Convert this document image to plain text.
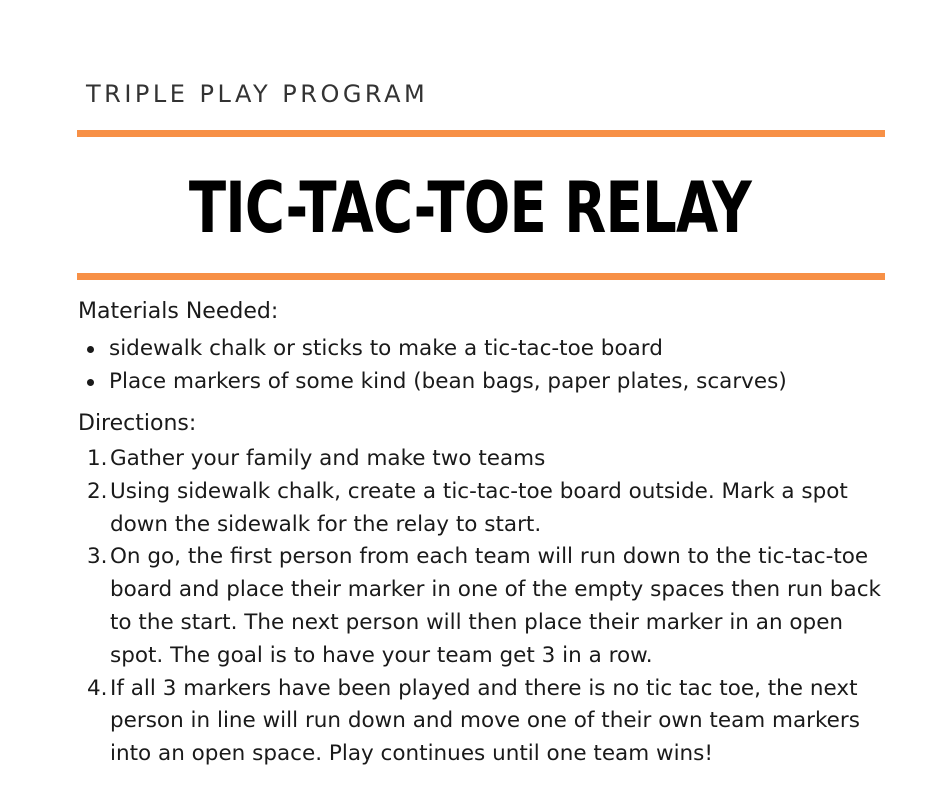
TRIPLE PLAY PROGRAM
TIC-TAC-TOE RELAY
Materials Needed:
sidewalk chalk or sticks to make a tic-tac-toe board
Place markers of some kind (bean bags, paper plates, scarves)
Directions:
1. Gather your family and make two teams
2. Using sidewalk chalk, create a tic-tac-toe board outside. Mark a spot down the sidewalk for the relay to start.
3. On go, the first person from each team will run down to the tic-tac-toe board and place their marker in one of the empty spaces then run back to the start. The next person will then place their marker in an open spot. The goal is to have your team get 3 in a row.
4. If all 3 markers have been played and there is no tic tac toe, the next person in line will run down and move one of their own team markers into an open space. Play continues until one team wins!
